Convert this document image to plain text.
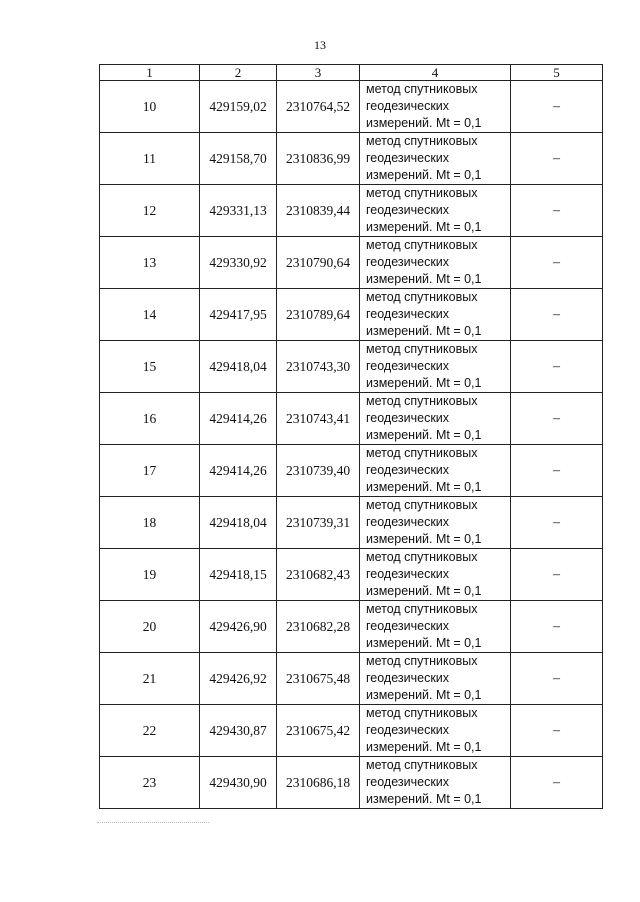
13
1	2	3	4	5
10	429159,02	2310764,52	метод спутниковых
геодезических
измерений. Mt = 0,1	–
11	429158,70	2310836,99	метод спутниковых
геодезических
измерений. Mt = 0,1	–
12	429331,13	2310839,44	метод спутниковых
геодезических
измерений. Mt = 0,1	–
13	429330,92	2310790,64	метод спутниковых
геодезических
измерений. Mt = 0,1	–
14	429417,95	2310789,64	метод спутниковых
геодезических
измерений. Mt = 0,1	–
15	429418,04	2310743,30	метод спутниковых
геодезических
измерений. Mt = 0,1	–
16	429414,26	2310743,41	метод спутниковых
геодезических
измерений. Mt = 0,1	–
17	429414,26	2310739,40	метод спутниковых
геодезических
измерений. Mt = 0,1	–
18	429418,04	2310739,31	метод спутниковых
геодезических
измерений. Mt = 0,1	–
19	429418,15	2310682,43	метод спутниковых
геодезических
измерений. Mt = 0,1	–
20	429426,90	2310682,28	метод спутниковых
геодезических
измерений. Mt = 0,1	–
21	429426,92	2310675,48	метод спутниковых
геодезических
измерений. Mt = 0,1	–
22	429430,87	2310675,42	метод спутниковых
геодезических
измерений. Mt = 0,1	–
23	429430,90	2310686,18	метод спутниковых
геодезических
измерений. Mt = 0,1	–
